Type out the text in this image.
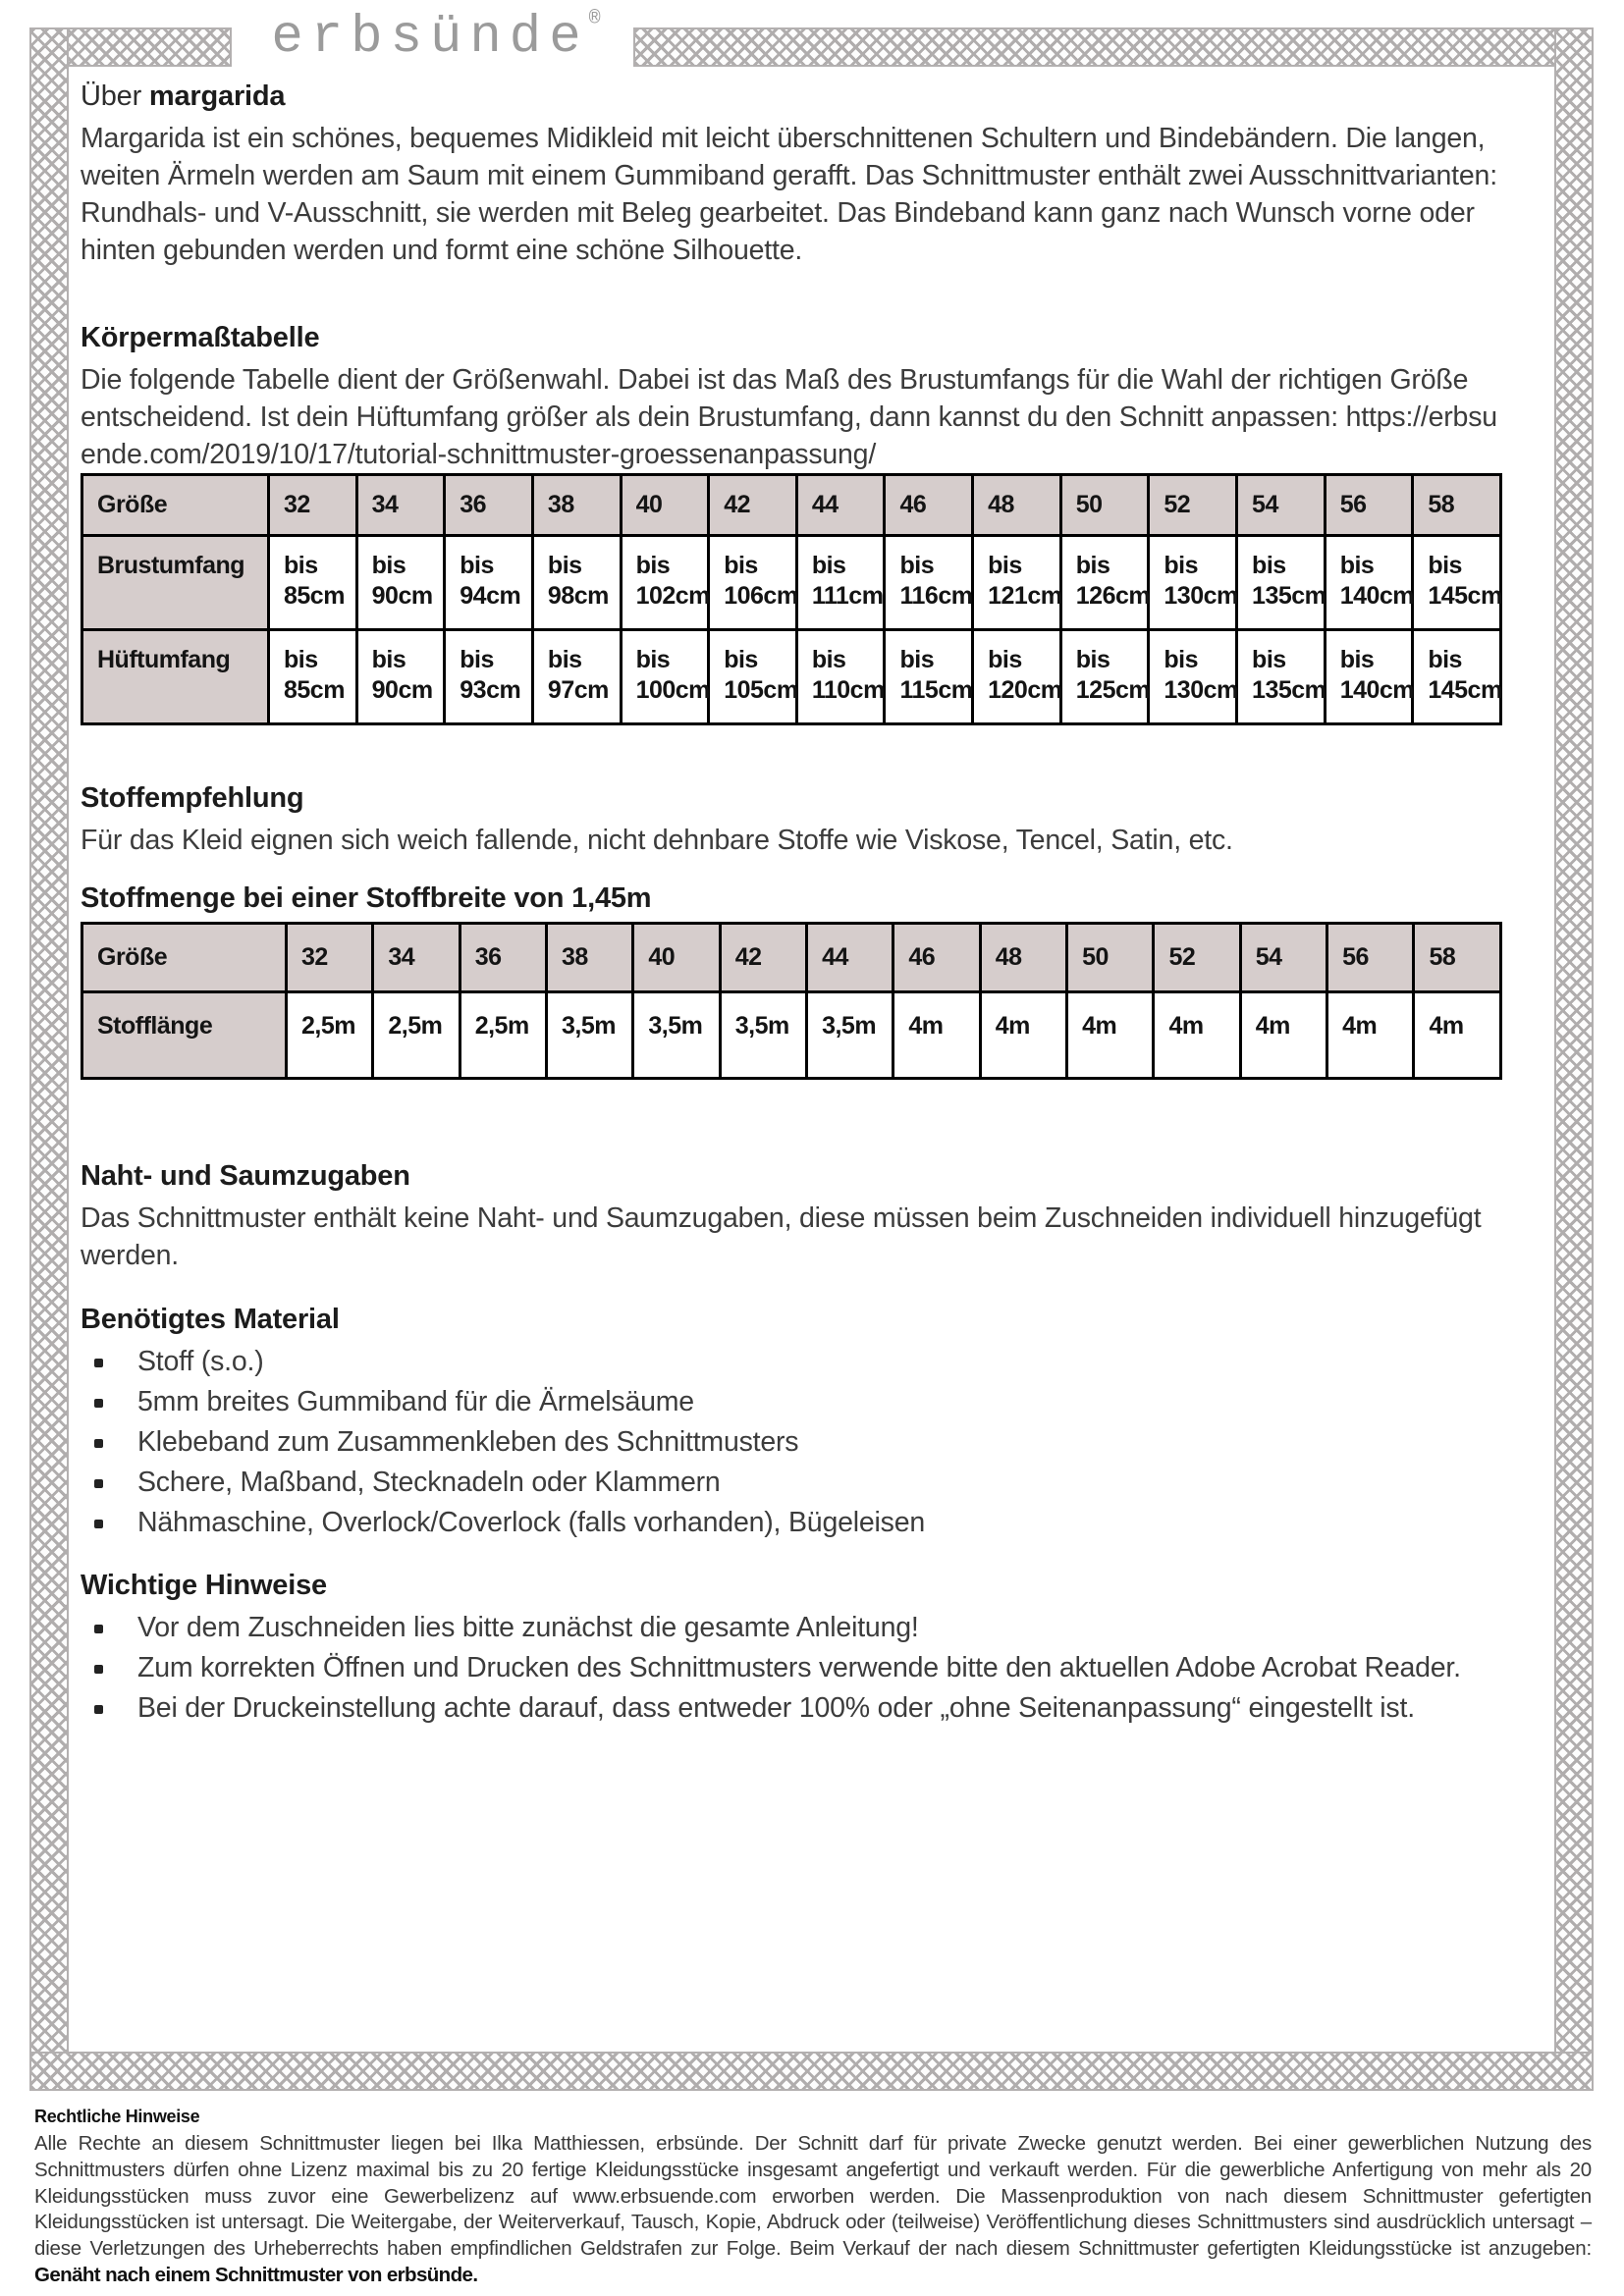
erbsünde®
Über margarida

Margarida ist ein schönes, bequemes Midikleid mit leicht überschnittenen Schultern und Bindebändern. Die langen, weiten Ärmeln werden am Saum mit einem Gummiband gerafft. Das Schnittmuster enthält zwei Ausschnittvarianten: Rundhals- und V-Ausschnitt, sie werden mit Beleg gearbeitet. Das Bindeband kann ganz nach Wunsch vorne oder hinten gebunden werden und formt eine schöne Silhouette.

Körpermaßtabelle

Die folgende Tabelle dient der Größenwahl. Dabei ist das Maß des Brustumfangs für die Wahl der richtigen Größe entscheidend. Ist dein Hüftumfang größer als dein Brustumfang, dann kannst du den Schnitt anpassen: https://erbsuende.com/2019/10/17/tutorial-schnittmuster-groessenanpassung/

Größe	32	34	36	38	40	42	44	46	48	50	52	54	56	58
Brustumfang	bis 85cm	bis 90cm	bis 94cm	bis 98cm	bis 102cm	bis 106cm	bis 111cm	bis 116cm	bis 121cm	bis 126cm	bis 130cm	bis 135cm	bis 140cm	bis 145cm
Hüftumfang	bis 85cm	bis 90cm	bis 93cm	bis 97cm	bis 100cm	bis 105cm	bis 110cm	bis 115cm	bis 120cm	bis 125cm	bis 130cm	bis 135cm	bis 140cm	bis 145cm
Stoffempfehlung

Für das Kleid eignen sich weich fallende, nicht dehnbare Stoffe wie Viskose, Tencel, Satin, etc.

Stoffmenge bei einer Stoffbreite von 1,45m
Größe	32	34	36	38	40	42	44	46	48	50	52	54	56	58
Stofflänge	2,5m	2,5m	2,5m	3,5m	3,5m	3,5m	3,5m	4m	4m	4m	4m	4m	4m	4m
Naht- und Saumzugaben

Das Schnittmuster enthält keine Naht- und Saumzugaben, diese müssen beim Zuschneiden individuell hinzugefügt werden.

Benötigtes Material
Stoff (s.o.)
5mm breites Gummiband für die Ärmelsäume
Klebeband zum Zusammenkleben des Schnittmusters
Schere, Maßband, Stecknadeln oder Klammern
Nähmaschine, Overlock/Coverlock (falls vorhanden), Bügeleisen
Wichtige Hinweise
Vor dem Zuschneiden lies bitte zunächst die gesamte Anleitung!
Zum korrekten Öffnen und Drucken des Schnittmusters verwende bitte den aktuellen Adobe Acrobat Reader.
Bei der Druckeinstellung achte darauf, dass entweder 100% oder „ohne Seitenanpassung“ eingestellt ist.
Rechtliche Hinweise

Alle Rechte an diesem Schnittmuster liegen bei Ilka Matthiessen, erbsünde. Der Schnitt darf für private Zwecke genutzt werden. Bei einer gewerblichen Nutzung des Schnittmusters dürfen ohne Lizenz maximal bis zu 20 fertige Kleidungsstücke insgesamt angefertigt und verkauft werden. Für die gewerbliche Anfertigung von mehr als 20 Kleidungsstücken muss zuvor eine Gewerbelizenz auf www.erbsuende.com erworben werden. Die Massenproduktion von nach diesem Schnittmuster gefertigten Kleidungsstücken ist untersagt. Die Weitergabe, der Weiterverkauf, Tausch, Kopie, Abdruck oder (teilweise) Veröffentlichung dieses Schnittmusters sind ausdrücklich untersagt – diese Verletzungen des Urheberrechts haben empfindlichen Geldstrafen zur Folge. Beim Verkauf der nach diesem Schnittmuster gefertigten Kleidungsstücke ist anzugeben: Genäht nach einem Schnittmuster von erbsünde.
